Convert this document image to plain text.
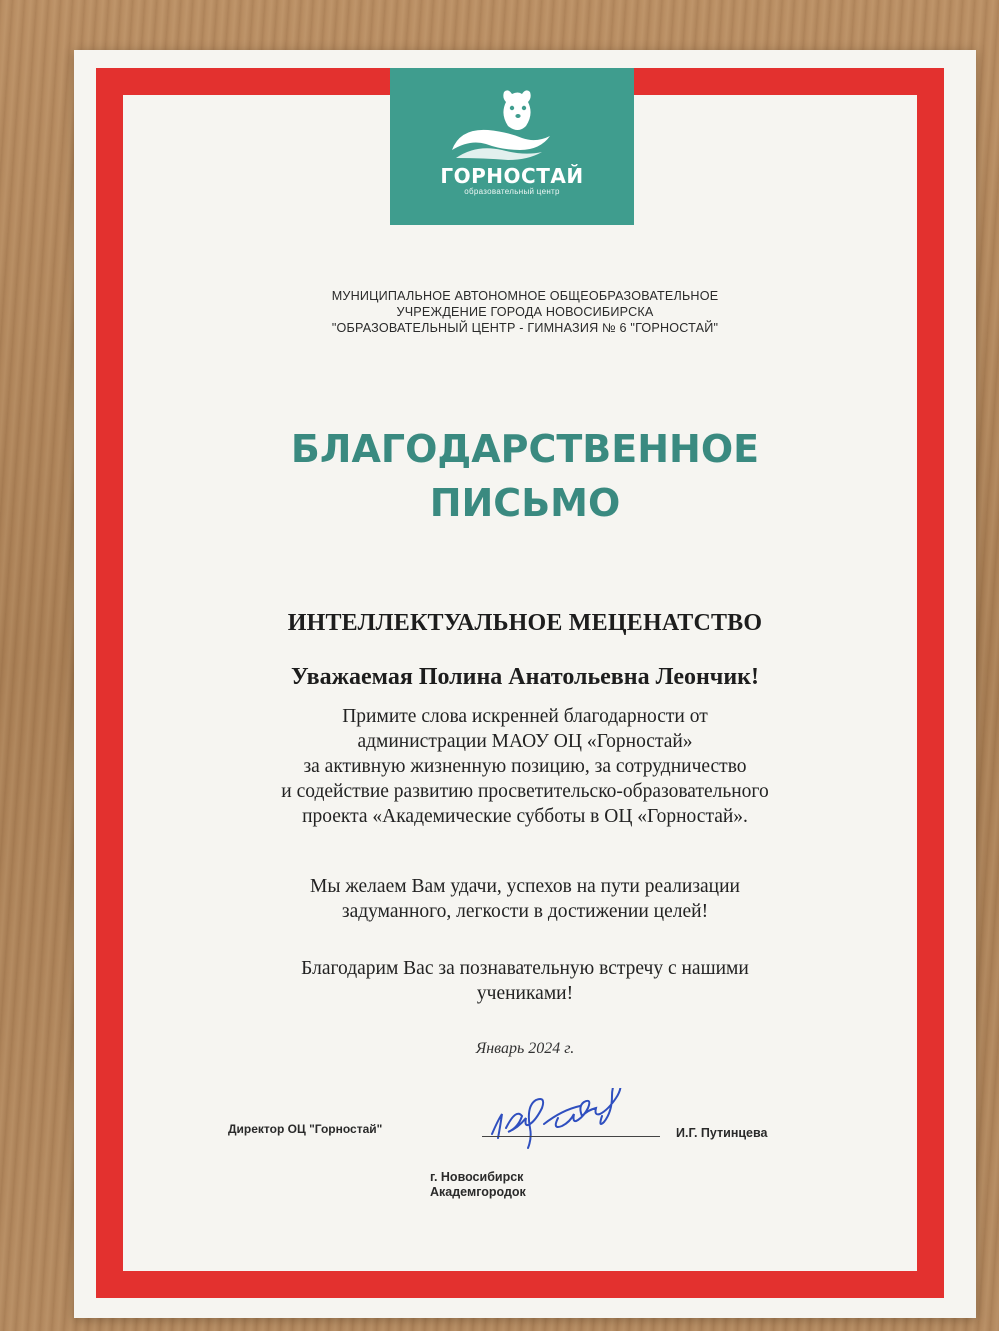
ГОРНОСТАЙ
образовательный центр
МУНИЦИПАЛЬНОЕ АВТОНОМНОЕ ОБЩЕОБРАЗОВАТЕЛЬНОЕ
УЧРЕЖДЕНИЕ ГОРОДА НОВОСИБИРСКА
"ОБРАЗОВАТЕЛЬНЫЙ ЦЕНТР - ГИМНАЗИЯ № 6 "ГОРНОСТАЙ"
БЛАГОДАРСТВЕННОЕ
ПИСЬМО
ИНТЕЛЛЕКТУАЛЬНОЕ МЕЦЕНАТСТВО
Уважаемая Полина Анатольевна Леончик!
Примите слова искренней благодарности от
администрации МАОУ ОЦ «Горностай»
за активную жизненную позицию, за сотрудничество
и содействие развитию просветительско-образовательного
проекта «Академические субботы в ОЦ «Горностай».
Мы желаем Вам удачи, успехов на пути реализации
задуманного, легкости в достижении целей!
Благодарим Вас за познавательную встречу с нашими
учениками!
Январь 2024 г.
Директор ОЦ "Горностай"	И.Г. Путинцева
г. Новосибирск
Академгородок
